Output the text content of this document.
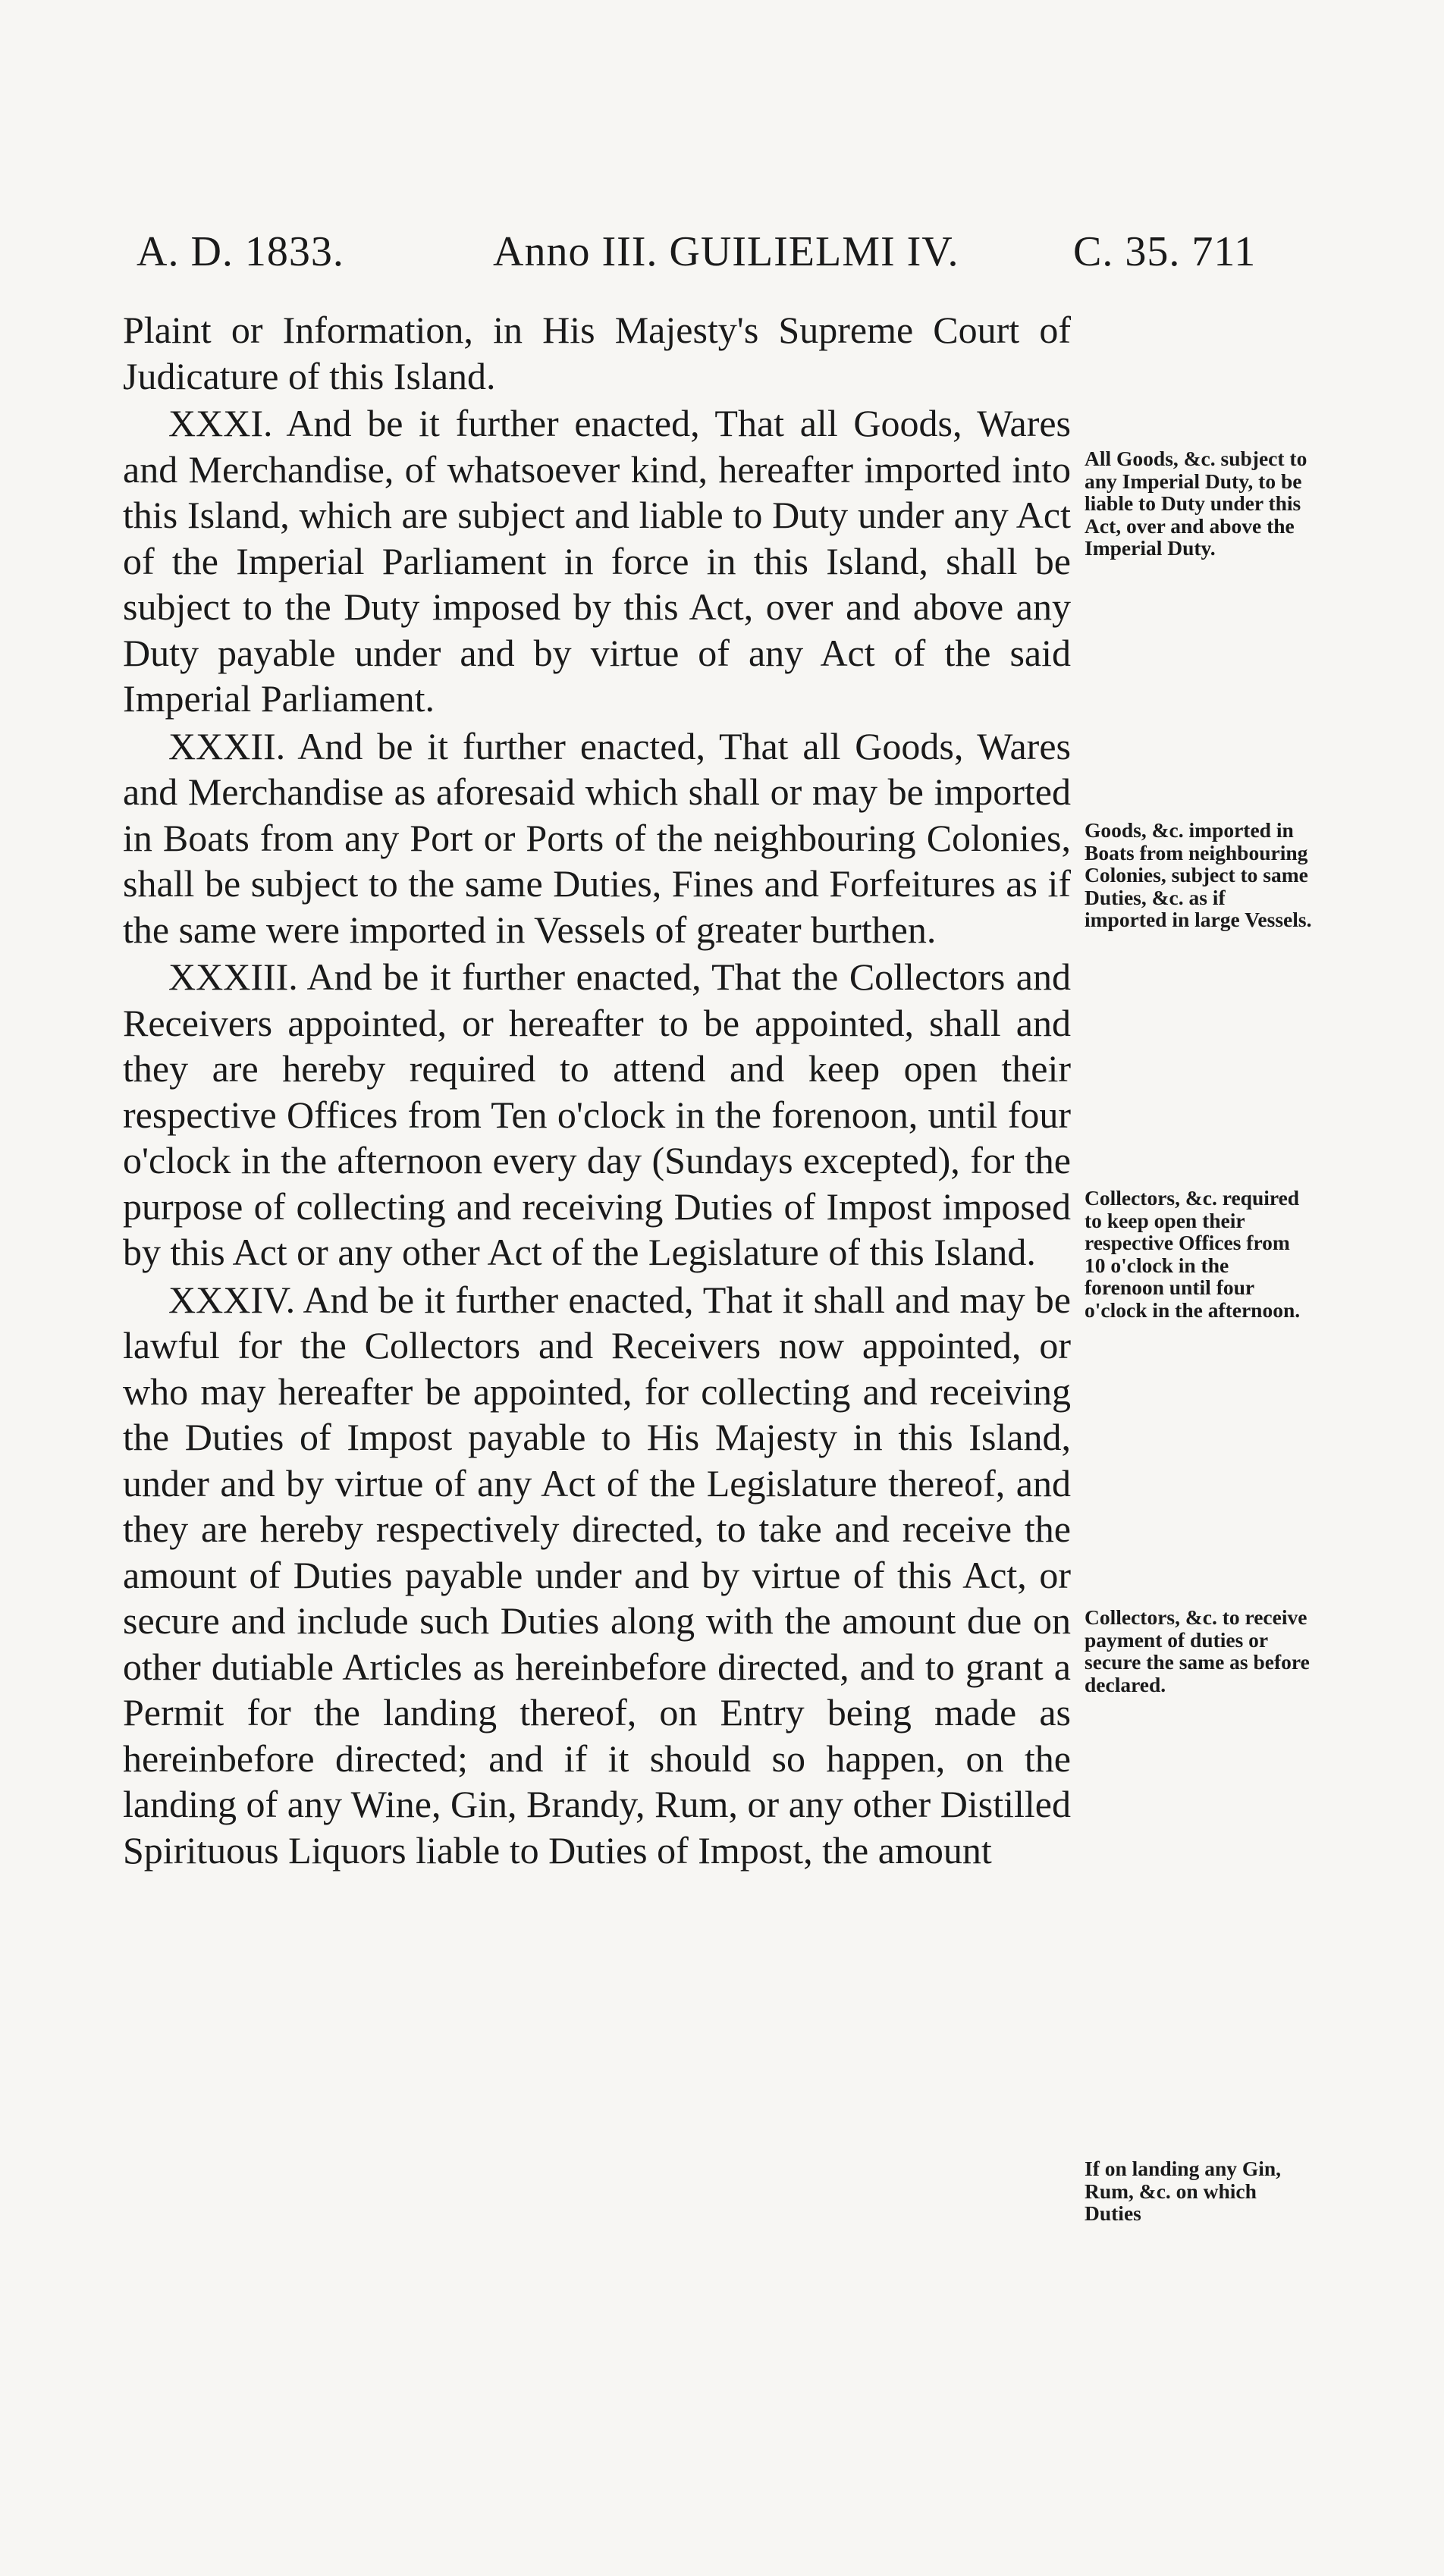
A. D. 1833.	Anno III. GUILIELMI IV.	C. 35. 711

Plaint or Information, in His Majesty's Supreme Court of Judicature of this Island.

XXXI. And be it further enacted, That all Goods, Wares and Merchandise, of whatsoever kind, hereafter imported into this Island, which are subject and liable to Duty under any Act of the Imperial Parliament in force in this Island, shall be subject to the Duty imposed by this Act, over and above any Duty payable under and by virtue of any Act of the said Imperial Parliament.

XXXII. And be it further enacted, That all Goods, Wares and Merchandise as aforesaid which shall or may be imported in Boats from any Port or Ports of the neighbouring Colonies, shall be subject to the same Duties, Fines and Forfeitures as if the same were imported in Vessels of greater burthen.

XXXIII. And be it further enacted, That the Collectors and Receivers appointed, or hereafter to be appointed, shall and they are hereby required to attend and keep open their respective Offices from Ten o'clock in the forenoon, until four o'clock in the afternoon every day (Sundays excepted), for the purpose of collecting and receiving Duties of Impost imposed by this Act or any other Act of the Legislature of this Island.

XXXIV. And be it further enacted, That it shall and may be lawful for the Collectors and Receivers now appointed, or who may hereafter be appointed, for collecting and receiving the Duties of Impost payable to His Majesty in this Island, under and by virtue of any Act of the Legislature thereof, and they are hereby respectively directed, to take and receive the amount of Duties payable under and by virtue of this Act, or secure and include such Duties along with the amount due on other dutiable Articles as hereinbefore directed, and to grant a Permit for the landing thereof, on Entry being made as hereinbefore directed; and if it should so happen, on the landing of any Wine, Gin, Brandy, Rum, or any other Distilled Spirituous Liquors liable to Duties of Impost, the amount

All Goods, &c. subject to any Imperial Duty, to be liable to Duty under this Act, over and above the Imperial Duty.
Goods, &c. imported in Boats from neighbouring Colonies, subject to same Duties, &c. as if imported in large Vessels.
Collectors, &c. required to keep open their respective Offices from 10 o'clock in the forenoon until four o'clock in the afternoon.
Collectors, &c. to receive payment of duties or secure the same as before declared.
If on landing any Gin, Rum, &c. on which Duties
